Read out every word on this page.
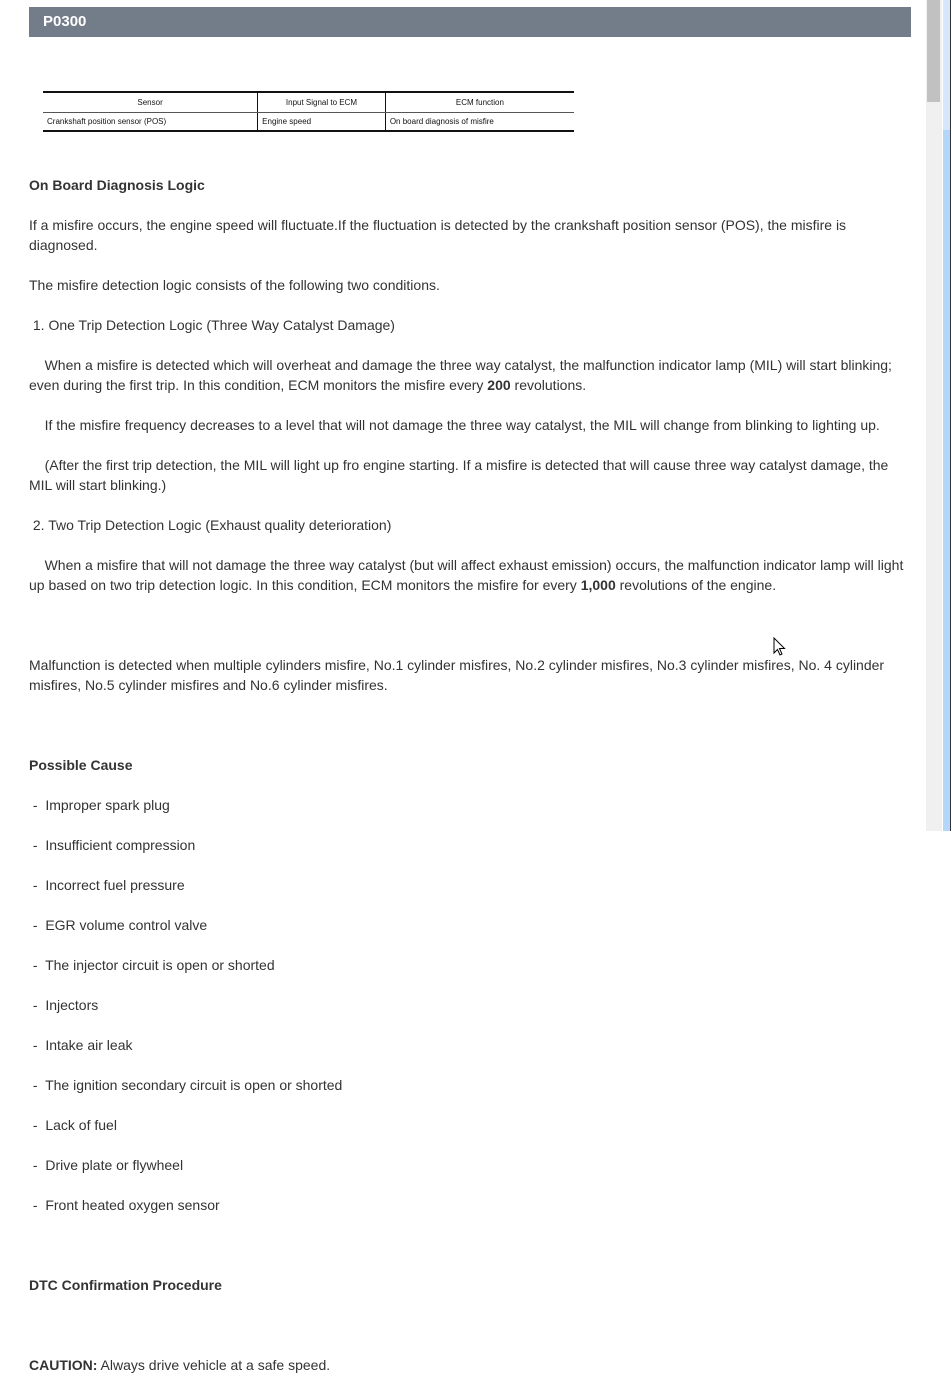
P0300
Sensor	Input Signal to ECM	ECM function
Crankshaft position sensor (POS)	Engine speed	On board diagnosis of misfire

On Board Diagnosis Logic

If a misfire occurs, the engine speed will fluctuate.If the fluctuation is detected by the crankshaft position sensor (POS), the misfire is diagnosed.

The misfire detection logic consists of the following two conditions.

1. One Trip Detection Logic (Three Way Catalyst Damage)

When a misfire is detected which will overheat and damage the three way catalyst, the malfunction indicator lamp (MIL) will start blinking; even during the first trip. In this condition, ECM monitors the misfire every 200 revolutions.

If the misfire frequency decreases to a level that will not damage the three way catalyst, the MIL will change from blinking to lighting up.

(After the first trip detection, the MIL will light up fro engine starting. If a misfire is detected that will cause three way catalyst damage, the MIL will start blinking.)

2. Two Trip Detection Logic (Exhaust quality deterioration)

When a misfire that will not damage the three way catalyst (but will affect exhaust emission) occurs, the malfunction indicator lamp will light up based on two trip detection logic. In this condition, ECM monitors the misfire for every 1,000 revolutions of the engine.

Malfunction is detected when multiple cylinders misfire, No.1 cylinder misfires, No.2 cylinder misfires, No.3 cylinder misfires, No. 4 cylinder misfires, No.5 cylinder misfires and No.6 cylinder misfires.

Possible Cause

-  Improper spark plug

-  Insufficient compression

-  Incorrect fuel pressure

-  EGR volume control valve

-  The injector circuit is open or shorted

-  Injectors

-  Intake air leak

-  The ignition secondary circuit is open or shorted

-  Lack of fuel

-  Drive plate or flywheel

-  Front heated oxygen sensor

DTC Confirmation Procedure

CAUTION: Always drive vehicle at a safe speed.
